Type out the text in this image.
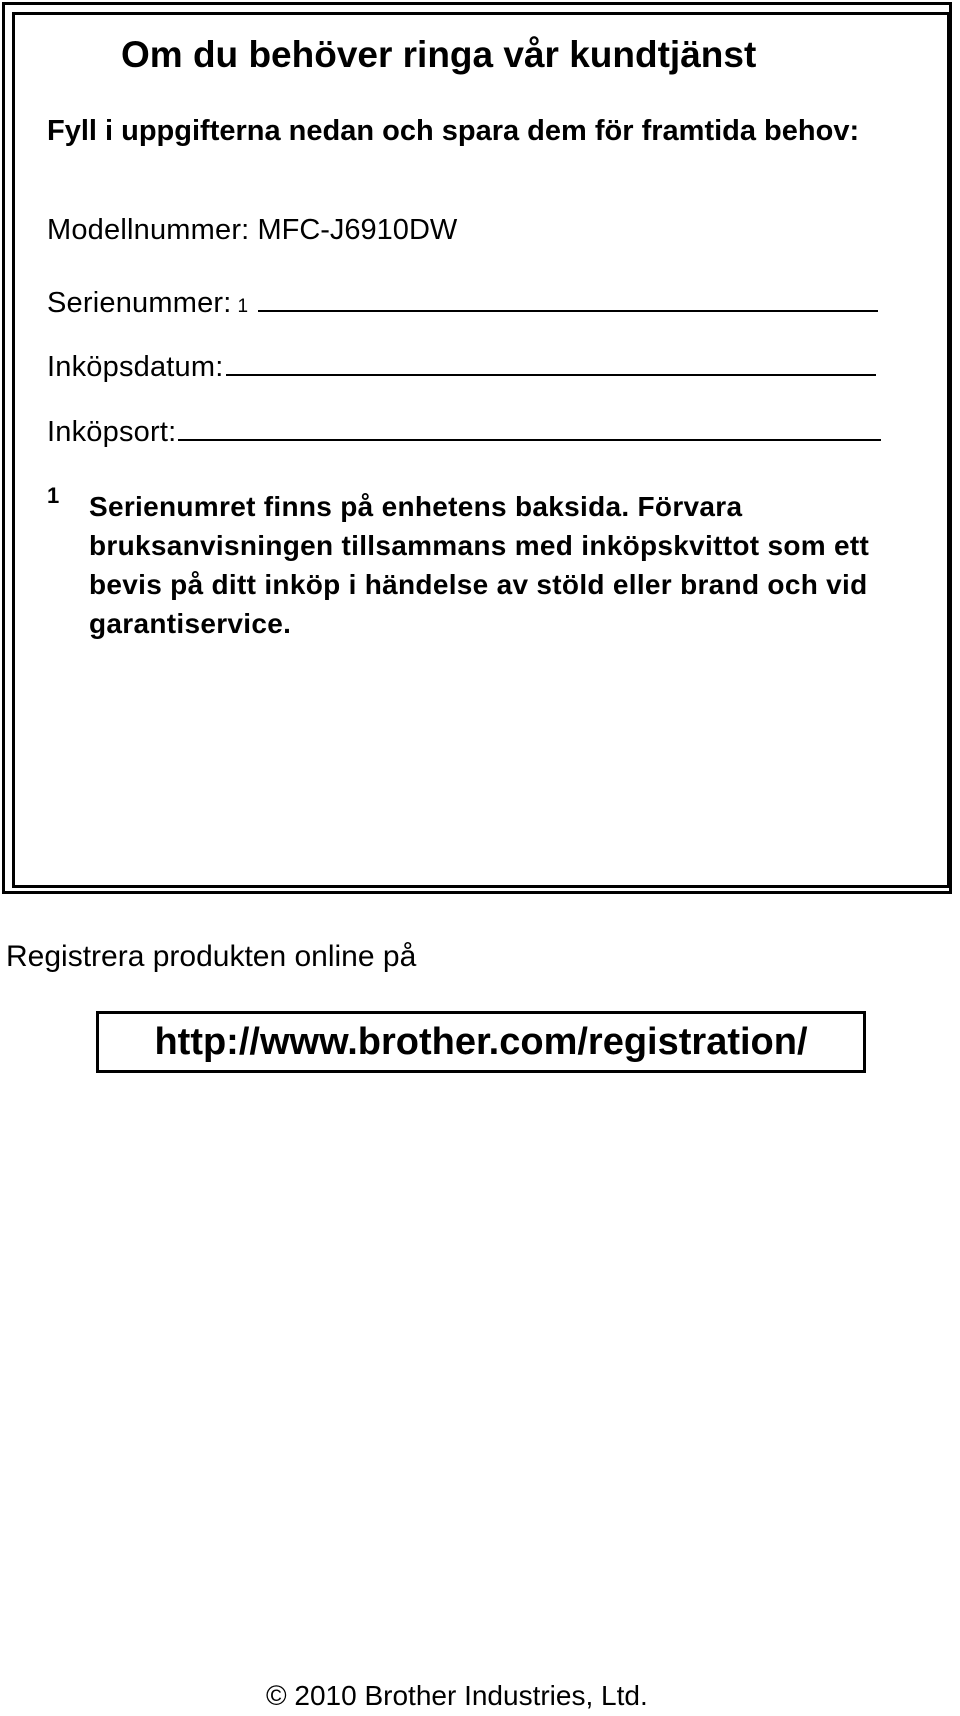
Om du behöver ringa vår kundtjänst

Fyll i uppgifterna nedan och spara dem för framtida behov:

Modellnummer: MFC-J6910DW
Serienummer: 1
Inköpsdatum:
Inköpsort:
1 Serienumret finns på enhetens baksida. Förvara bruksanvisningen tillsammans med inköpskvittot som ett bevis på ditt inköp i händelse av stöld eller brand och vid garantiservice.

Registrera produkten online på

http://www.brother.com/registration/

© 2010 Brother Industries, Ltd.
